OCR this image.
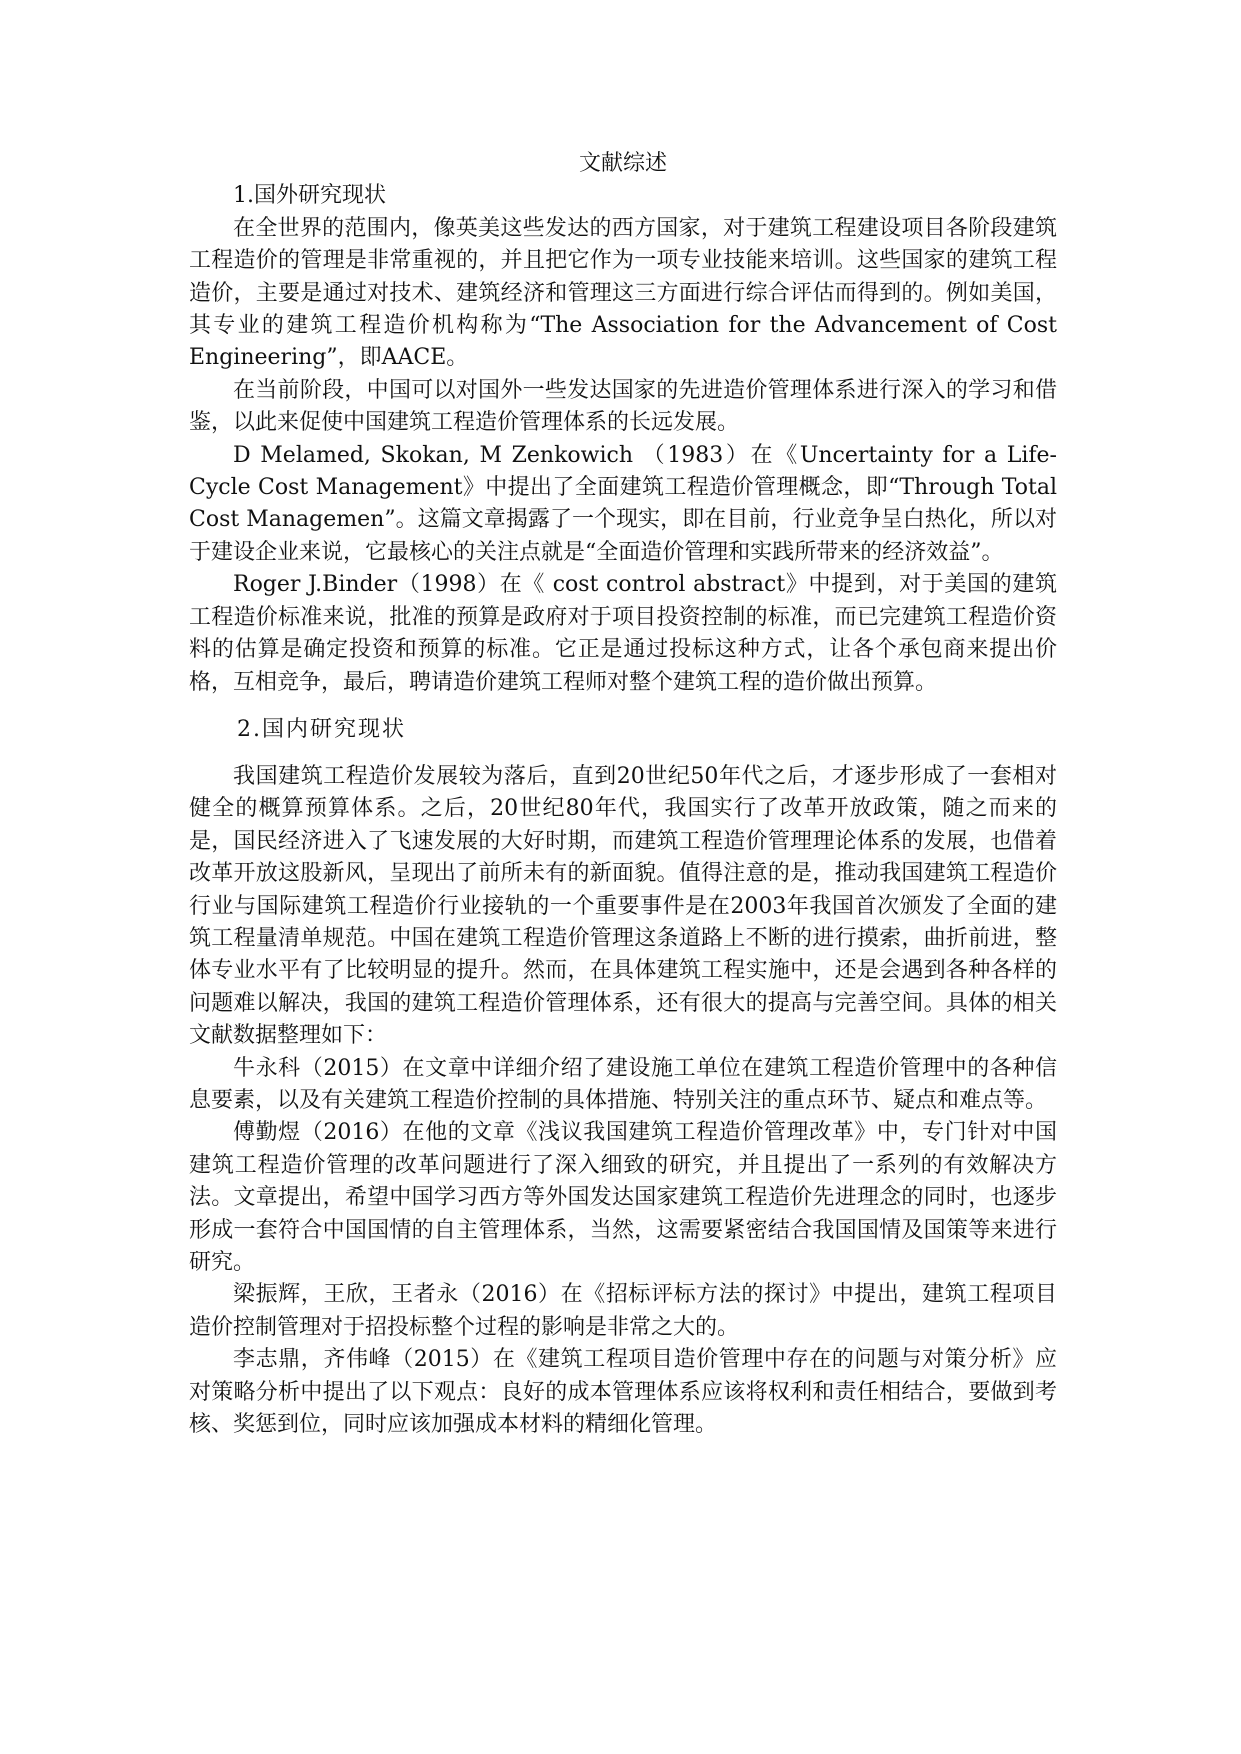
文献综述

1.国外研究现状

在全世界的范围内，像英美这些发达的西方国家，对于建筑工程建设项目各阶段建筑工程造价的管理是非常重视的，并且把它作为一项专业技能来培训。这些国家的建筑工程造价，主要是通过对技术、建筑经济和管理这三方面进行综合评估而得到的。例如美国，其专业的建筑工程造价机构称为“The Association for the Advancement of Cost Engineering”，即AACE。

在当前阶段，中国可以对国外一些发达国家的先进造价管理体系进行深入的学习和借鉴，以此来促使中国建筑工程造价管理体系的长远发展。

D Melamed, Skokan, M Zenkowich （1983）在《Uncertainty for a Life-Cycle Cost Management》中提出了全面建筑工程造价管理概念，即“Through Total Cost Managemen”。这篇文章揭露了一个现实，即在目前，行业竞争呈白热化，所以对于建设企业来说，它最核心的关注点就是“全面造价管理和实践所带来的经济效益”。

Roger J.Binder（1998）在《 cost control abstract》中提到，对于美国的建筑工程造价标准来说，批准的预算是政府对于项目投资控制的标准，而已完建筑工程造价资料的估算是确定投资和预算的标准。它正是通过投标这种方式，让各个承包商来提出价格，互相竞争，最后，聘请造价建筑工程师对整个建筑工程的造价做出预算。

2.国内研究现状

我国建筑工程造价发展较为落后，直到20世纪50年代之后，才逐步形成了一套相对健全的概算预算体系。之后，20世纪80年代，我国实行了改革开放政策，随之而来的是，国民经济进入了飞速发展的大好时期，而建筑工程造价管理理论体系的发展，也借着改革开放这股新风，呈现出了前所未有的新面貌。值得注意的是，推动我国建筑工程造价行业与国际建筑工程造价行业接轨的一个重要事件是在2003年我国首次颁发了全面的建筑工程量清单规范。中国在建筑工程造价管理这条道路上不断的进行摸索，曲折前进，整体专业水平有了比较明显的提升。然而，在具体建筑工程实施中，还是会遇到各种各样的问题难以解决，我国的建筑工程造价管理体系，还有很大的提高与完善空间。具体的相关文献数据整理如下：

牛永科（2015）在文章中详细介绍了建设施工单位在建筑工程造价管理中的各种信息要素，以及有关建筑工程造价控制的具体措施、特别关注的重点环节、疑点和难点等。

傅勤煜（2016）在他的文章《浅议我国建筑工程造价管理改革》中，专门针对中国建筑工程造价管理的改革问题进行了深入细致的研究，并且提出了一系列的有效解决方法。文章提出，希望中国学习西方等外国发达国家建筑工程造价先进理念的同时，也逐步形成一套符合中国国情的自主管理体系，当然，这需要紧密结合我国国情及国策等来进行研究。

梁振辉，王欣，王者永（2016）在《招标评标方法的探讨》中提出，建筑工程项目造价控制管理对于招投标整个过程的影响是非常之大的。

李志鼎，齐伟峰（2015）在《建筑工程项目造价管理中存在的问题与对策分析》应对策略分析中提出了以下观点：良好的成本管理体系应该将权利和责任相结合，要做到考核、奖惩到位，同时应该加强成本材料的精细化管理。
